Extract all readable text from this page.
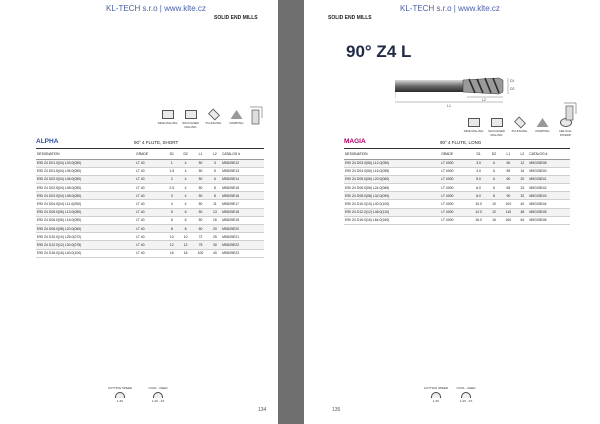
KL-TECH s.r.o | www.klte.cz
SOLID END MILLS
SIDE MILLING	SHOULDER MILLING
PLUNGING	RAMPING
ALPHA	90° 4 FLUTE, SHORT
DESIGNATION	GRADE	D1	D2	L1	L2	CATALOG #
E90 Z4 D01.0(04) L03.0(050)	LT 40	1	4	50	3	M5D05E12
E90 Z4 D01.5(04) L05.0(050)	LT 40	1.5	4	50	5	M5D05E13
E90 Z4 D02.0(04) L06.0(050)	LT 40	2	4	50	6	M5D05E14
E90 Z4 D02.5(04) L08.0(050)	LT 40	2.5	4	50	8	M5D05E15
E90 Z4 D03.0(04) L08.0(050)	LT 40	3	4	50	8	M5D05E16
E90 Z4 D04.0(04) L11.0(050)	LT 40	4	4	50	11	M5D05E17
E90 Z4 D05.0(06) L13.0(050)	LT 40	5	6	50	13	M5D05E18
E90 Z4 D06.0(06) L16.0(050)	LT 40	6	6	50	16	M5D05E19
E90 Z4 D08.0(08) L20.0(060)	LT 40	8	8	60	20	M5D05E20
E90 Z4 D10.0(10) L25.0(072)	LT 40	10	10	72	25	M5D05E21
E90 Z4 D12.0(12) L30.0(075)	LT 40	12	12	75	30	M5D05E22
E90 Z4 D16.0(16) L40.0(100)	LT 40	16	16	100	40	M5D05E23
CUTTING SPEED
1-3X
COOL - FEED
1-3X - 4X
134
KL-TECH s.r.o | www.klte.cz
SOLID END MILLS
90° Z4 L
SIDE MILLING	SHOULDER MILLING
PLUNGING	RAMPING	HELICAL INTERP.
MAGIA	90° 4 FLUTE, LONG
DESIGNATION	GRADE	D1	D2	L1	L2	CATALOG #
E90 Z4 D03.0(06) L12.0(050)	LT 4000	3.0	6	50	12	M5G03E08
E90 Z4 D04.0(06) L16.0(055)	LT 4000	4.0	6	55	16	M5G03E40
E90 Z4 D05.0(06) L20.0(060)	LT 4000	5.0	6	60	20	M5G03E41
E90 Z4 D06.0(06) L24.0(065)	LT 4000	6.0	6	65	24	M5G03E42
E90 Z4 D08.0(08) L32.0(090)	LT 4000	8.0	8	90	32	M5G03E43
E90 Z4 D10.0(10) L40.0(100)	LT 4000	10.0	10	100	40	M5G03E44
E90 Z4 D12.0(12) L48.0(110)	LT 4000	12.0	12	110	48	M5G03E45
E90 Z4 D16.0(16) L64.0(160)	LT 4000	16.0	16	160	64	M5G03E46
CUTTING SPEED
1-3X
COOL - FEED
1-3X - 4X
135
L1
L2
D1
D2
